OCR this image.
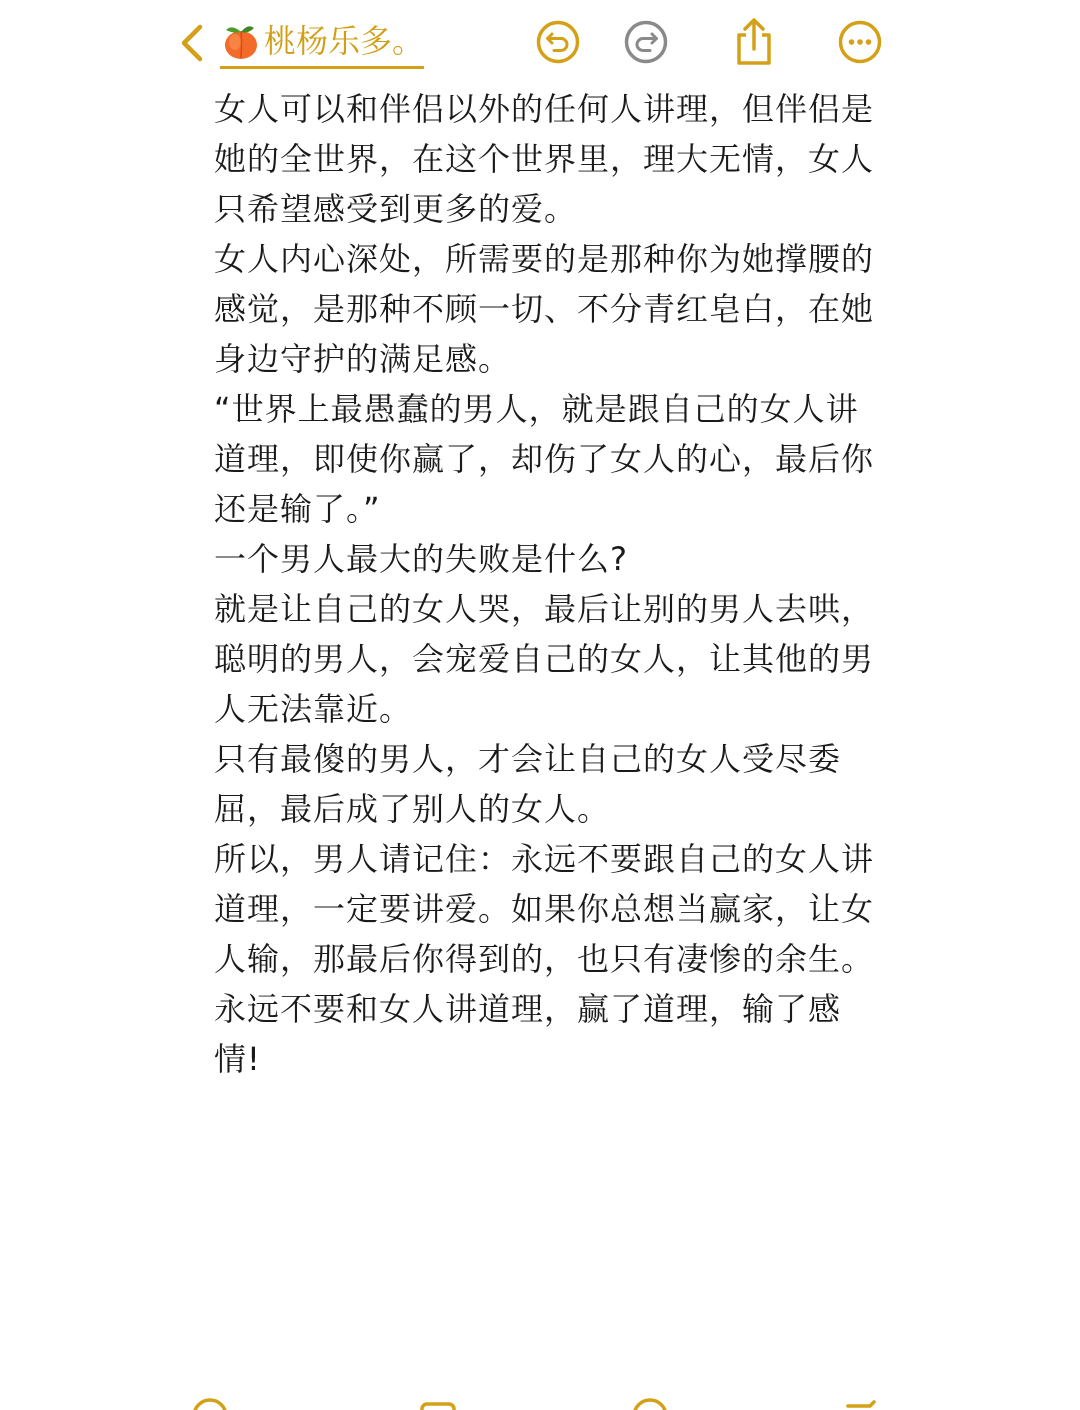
桃杨乐多。

女人可以和伴侣以外的任何人讲理，但伴侣是她的全世界，在这个世界里，理大无情，女人只希望感受到更多的爱。

女人内心深处，所需要的是那种你为她撑腰的感觉，是那种不顾一切、不分青红皂白，在她身边守护的满足感。

“世界上最愚蠢的男人，就是跟自己的女人讲道理，即使你赢了，却伤了女人的心，最后你还是输了。”

一个男人最大的失败是什么?

就是让自己的女人哭，最后让别的男人去哄，聪明的男人，会宠爱自己的女人，让其他的男人无法靠近。

只有最傻的男人，才会让自己的女人受尽委屈，最后成了别人的女人。

所以，男人请记住：永远不要跟自己的女人讲道理，一定要讲爱。如果你总想当赢家，让女人输，那最后你得到的，也只有凄惨的余生。

永远不要和女人讲道理，赢了道理，输了感情!
